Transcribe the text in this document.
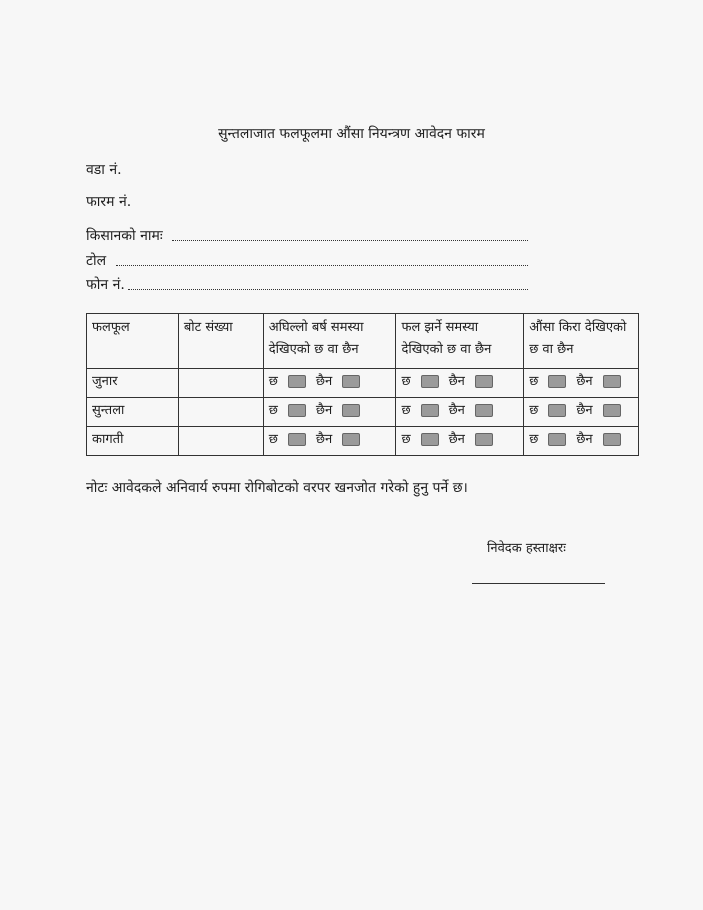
सुन्तलाजात फलफूलमा औंसा नियन्त्रण आवेदन फारम
वडा नं.
फारम नं.
किसानको नामः
टोल
फोन नं.
फलफूल	बोट संख्या	अघिल्लो बर्ष समस्या देखिएको छ वा छैन	फल झर्ने समस्या देखिएको छ वा छैन	औंसा किरा देखिएको छ वा छैन
जुनार		छ छैन	छ छैन	छ छैन
सुन्तला		छ छैन	छ छैन	छ छैन
कागती		छ छैन	छ छैन	छ छैन
नोटः आवेदकले अनिवार्य रुपमा रोगिबोटको वरपर खनजोत गरेको हुनु पर्ने छ।
निवेदक हस्ताक्षरः
